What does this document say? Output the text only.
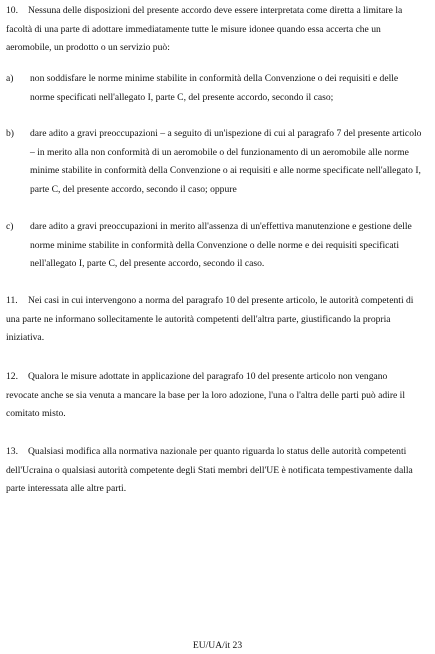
10. Nessuna delle disposizioni del presente accordo deve essere interpretata come diretta a limitare la facoltà di una parte di adottare immediatamente tutte le misure idonee quando essa accerta che un aeromobile, un prodotto o un servizio può:

a) non soddisfare le norme minime stabilite in conformità della Convenzione o dei requisiti e delle norme specificati nell'allegato I, parte C, del presente accordo, secondo il caso;
b) dare adito a gravi preoccupazioni – a seguito di un'ispezione di cui al paragrafo 7 del presente articolo – in merito alla non conformità di un aeromobile o del funzionamento di un aeromobile alle norme minime stabilite in conformità della Convenzione o ai requisiti e alle norme specificate nell'allegato I, parte C, del presente accordo, secondo il caso; oppure
c) dare adito a gravi preoccupazioni in merito all'assenza di un'effettiva manutenzione e gestione delle norme minime stabilite in conformità della Convenzione o delle norme e dei requisiti specificati nell'allegato I, parte C, del presente accordo, secondo il caso.

11. Nei casi in cui intervengono a norma del paragrafo 10 del presente articolo, le autorità competenti di una parte ne informano sollecitamente le autorità competenti dell'altra parte, giustificando la propria iniziativa.

12. Qualora le misure adottate in applicazione del paragrafo 10 del presente articolo non vengano revocate anche se sia venuta a mancare la base per la loro adozione, l'una o l'altra delle parti può adire il comitato misto.

13. Qualsiasi modifica alla normativa nazionale per quanto riguarda lo status delle autorità competenti dell'Ucraina o qualsiasi autorità competente degli Stati membri dell'UE è notificata tempestivamente dalla parte interessata alle altre parti.

EU/UA/it 23
